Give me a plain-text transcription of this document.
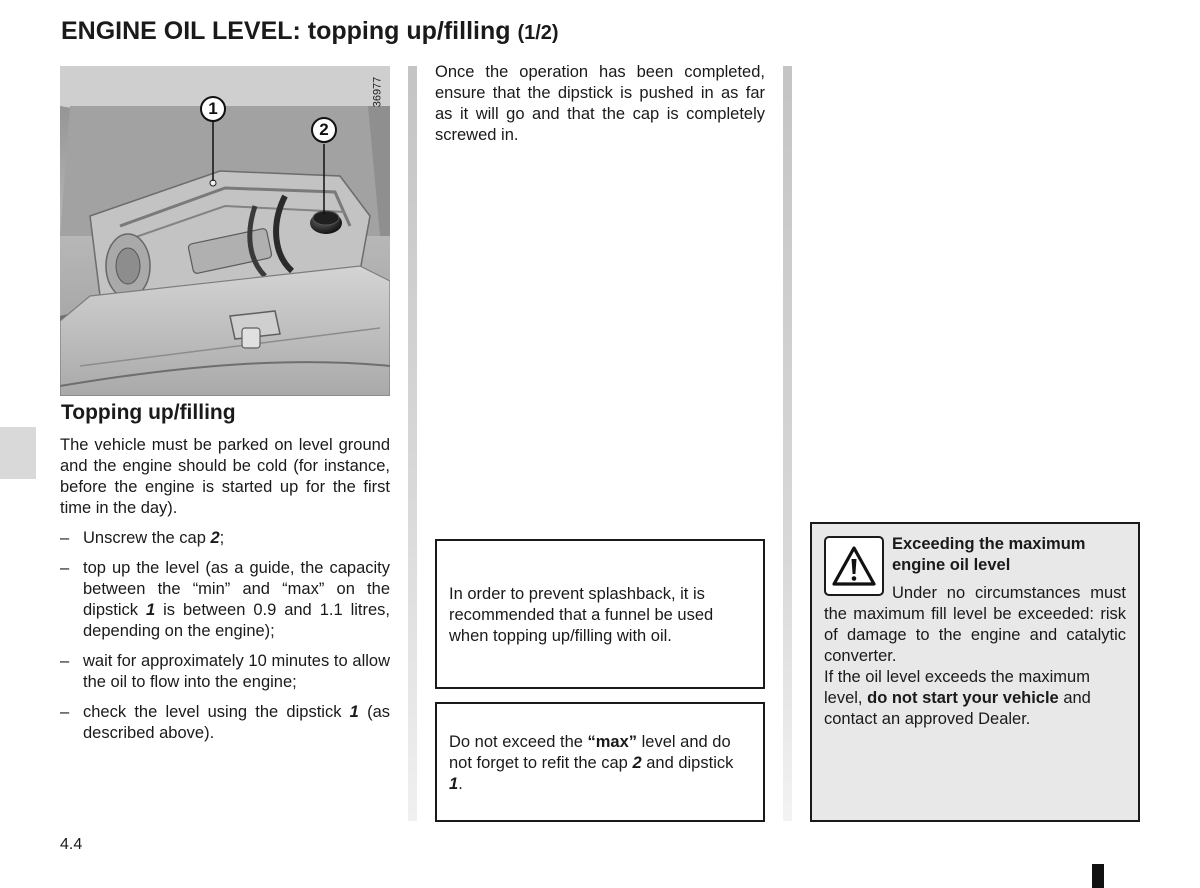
ENGINE OIL LEVEL: topping up/filling (1/2)
36977
1
2
Topping up/filling

The vehicle must be parked on level ground and the engine should be cold (for instance, before the engine is started up for the first time in the day).

– Unscrew the cap 2;
– top up the level (as a guide, the capacity between the “min” and “max” on the dipstick 1 is between 0.9 and 1.1 litres, depending on the engine);
– wait for approximately 10 minutes to allow the oil to flow into the engine;
– check the level using the dipstick 1 (as described above).

Once the operation has been completed, ensure that the dipstick is pushed in as far as it will go and that the cap is completely screwed in.

In order to prevent splashback, it is recommended that a funnel be used when topping up/filling with oil.

Do not exceed the “max” level and do not forget to refit the cap 2 and dipstick 1.

Exceeding the maximum engine oil level

Under no circumstances must the maximum fill level be exceeded: risk of damage to the engine and catalytic converter.

If the oil level exceeds the maximum level, do not start your vehicle and contact an approved Dealer.

4.4
